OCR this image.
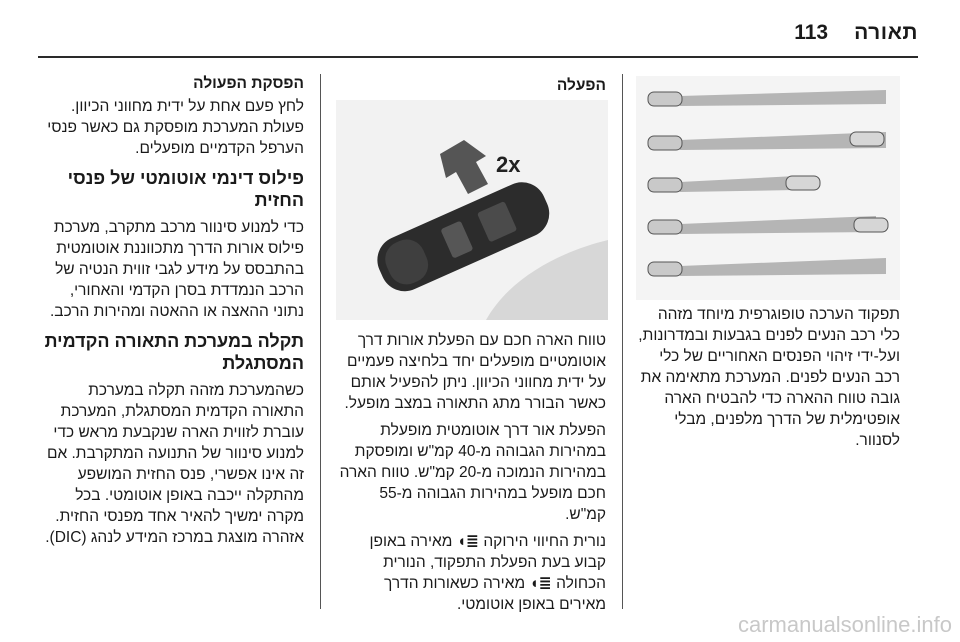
תאורה
113
הפסקת הפעולה

לחץ פעם אחת על ידית מחווני הכיוון. פעולת המערכת מופסקת גם כאשר פנסי הערפל הקדמיים מופעלים.

פילוס דינמי אוטומטי של פנסי החזית

כדי למנוע סינוור מרכב מתקרב, מערכת פילוס אורות הדרך מתכווננת אוטומטית בהתבסס על מידע לגבי זווית הנטיה של הרכב הנמדדת בסרן הקדמי והאחורי, נתוני ההאצה או ההאטה ומהירות הרכב.

תקלה במערכת התאורה הקדמית המסתגלת

כשהמערכת מזהה תקלה במערכת התאורה הקדמית המסתגלת, המערכת עוברת לזווית הארה שנקבעת מראש כדי למנוע סינוור של התנועה המתקרבת. אם זה אינו אפשרי, פנס החזית המושפע מהתקלה ייכבה באופן אוטומטי. בכל מקרה ימשיך להאיר אחד מפנסי החזית. אזהרה מוצגת במרכז המידע לנהג (DIC).

הפעלה
2x

טווח הארה חכם עם הפעלת אורות דרך אוטומטיים מופעלים יחד בלחיצה פעמיים על ידית מחווני הכיוון. ניתן להפעיל אותם כאשר הבורר מתג התאורה במצב מופעל.

הפעלת אור דרך אוטומטית מופעלת במהירות הגבוהה מ-40 קמ"ש ומופסקת במהירות הנמוכה מ-20 קמ"ש. טווח הארה חכם מופעל במהירות הגבוהה מ-55 קמ"ש.

נורית החיווי הירוקה ≣◖ מאירה באופן קבוע בעת הפעלת התפקוד, הנורית הכחולה ≣◖ מאירה כשאורות הדרך מאירים באופן אוטומטי.

תפקוד הערכה טופוגרפית מיוחד מזהה כלי רכב הנעים לפנים בגבעות ובמדרונות, ועל-ידי זיהוי הפנסים האחוריים של כלי רכב הנעים לפנים. המערכת מתאימה את גובה טווח ההארה כדי להבטיח הארה אופטימלית של הדרך מלפנים, מבלי לסנוור.

carmanualsonline.info
